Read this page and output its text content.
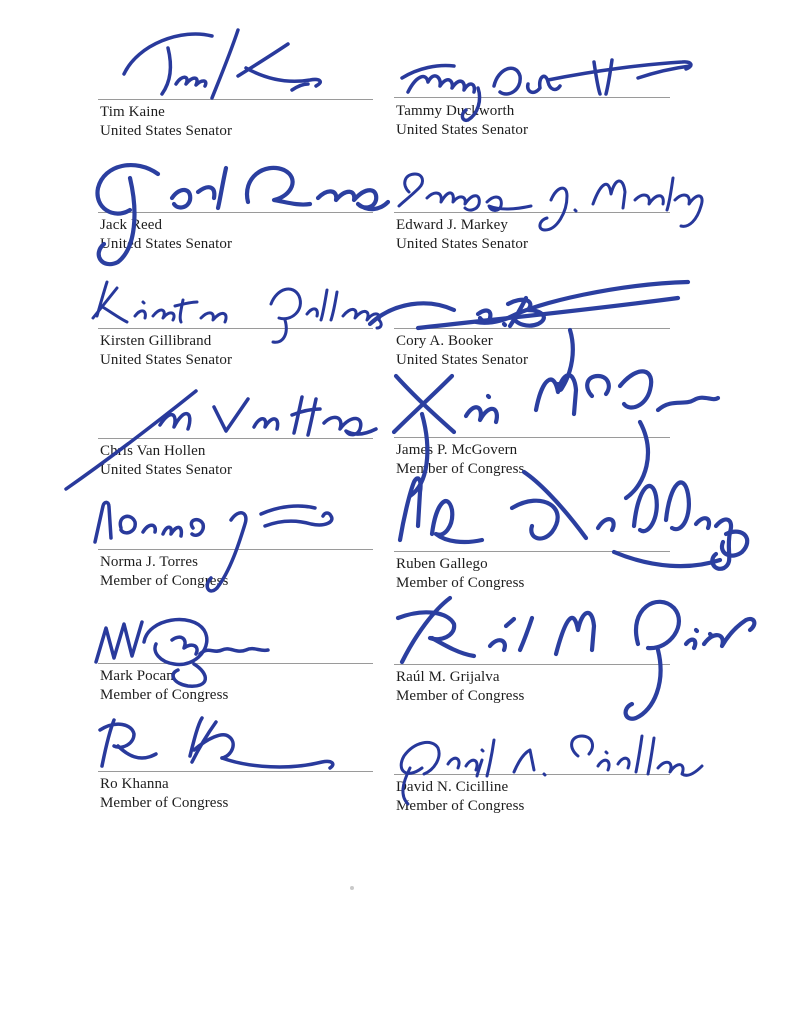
Tim Kaine
United States Senator
Tammy Duckworth
United States Senator
Jack Reed
United States Senator
Edward J. Markey
United States Senator
Kirsten Gillibrand
United States Senator
Cory A. Booker
United States Senator
Chris Van Hollen
United States Senator
James P. McGovern
Member of Congress
Norma J. Torres
Member of Congress
Ruben Gallego
Member of Congress
Mark Pocan
Member of Congress
Raúl M. Grijalva
Member of Congress
Ro Khanna
Member of Congress
David N. Cicilline
Member of Congress
